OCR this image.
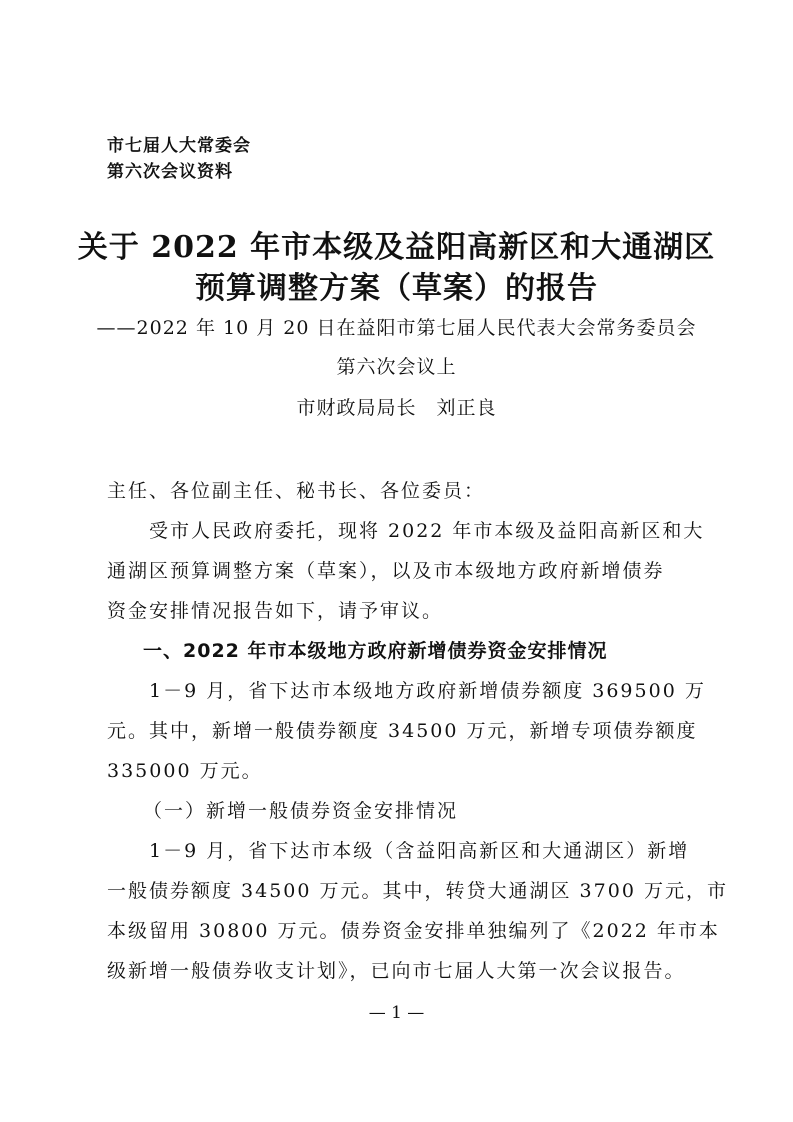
市七届人大常委会
第六次会议资料
关于 2022 年市本级及益阳高新区和大通湖区
预算调整方案（草案）的报告
——2022 年 10 月 20 日在益阳市第七届人民代表大会常务委员会
第六次会议上
市财政局局长　刘正良
主任、各位副主任、秘书长、各位委员：
　　受市人民政府委托，现将 2022 年市本级及益阳高新区和大
通湖区预算调整方案（草案），以及市本级地方政府新增债券
资金安排情况报告如下，请予审议。
一、2022 年市本级地方政府新增债券资金安排情况
　　1－9 月，省下达市本级地方政府新增债券额度 369500 万
元。其中，新增一般债券额度 34500 万元，新增专项债券额度
335000 万元。
（一）新增一般债券资金安排情况
　　1－9 月，省下达市本级（含益阳高新区和大通湖区）新增
一般债券额度 34500 万元。其中，转贷大通湖区 3700 万元，市
本级留用 30800 万元。债券资金安排单独编列了《2022 年市本
级新增一般债券收支计划》，已向市七届人大第一次会议报告。
— 1 —
